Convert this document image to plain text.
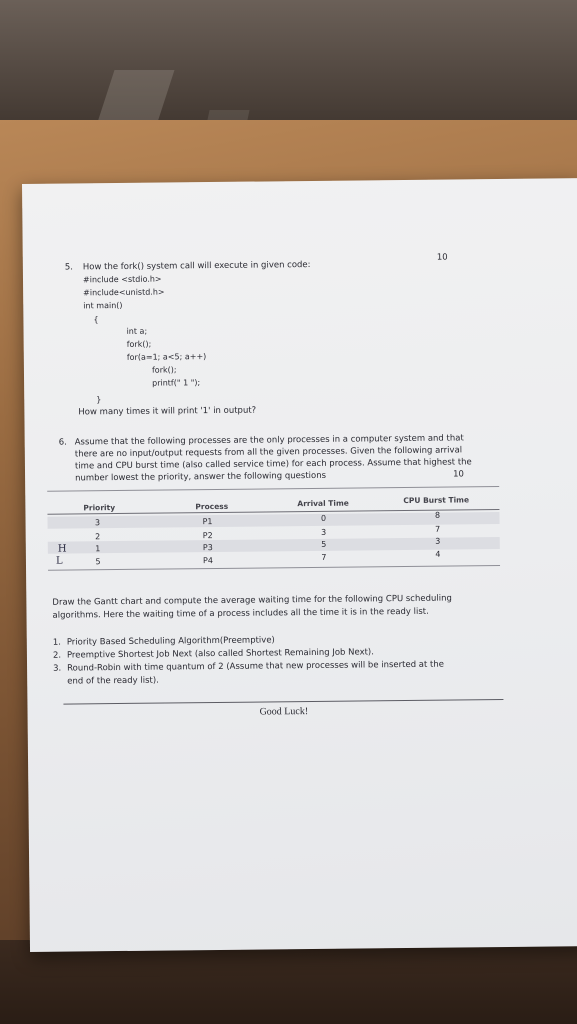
5. How the fork() system call will execute in given code:
10
#include <stdio.h>
#include<unistd.h>
int main()
{
int a;
fork();
for(a=1; a<5; a++)
fork();
printf(" 1 ");
}
How many times it will print '1' in output?
6. Assume that the following processes are the only processes in a computer system and that
there are no input/output requests from all the given processes. Given the following arrival
time and CPU burst time (also called service time) for each process. Assume that highest the
number lowest the priority, answer the following questions	10
Priority	Process	Arrival Time	CPU Burst Time
3	P1	0	8
2	P2	3	7
H	1	P3	5	3
L	5	P4	7	4
Draw the Gantt chart and compute the average waiting time for the following CPU scheduling
algorithms. Here the waiting time of a process includes all the time it is in the ready list.
1. Priority Based Scheduling Algorithm(Preemptive)
2. Preemptive Shortest Job Next (also called Shortest Remaining Job Next).
3. Round-Robin with time quantum of 2 (Assume that new processes will be inserted at the
end of the ready list).
Good Luck!
